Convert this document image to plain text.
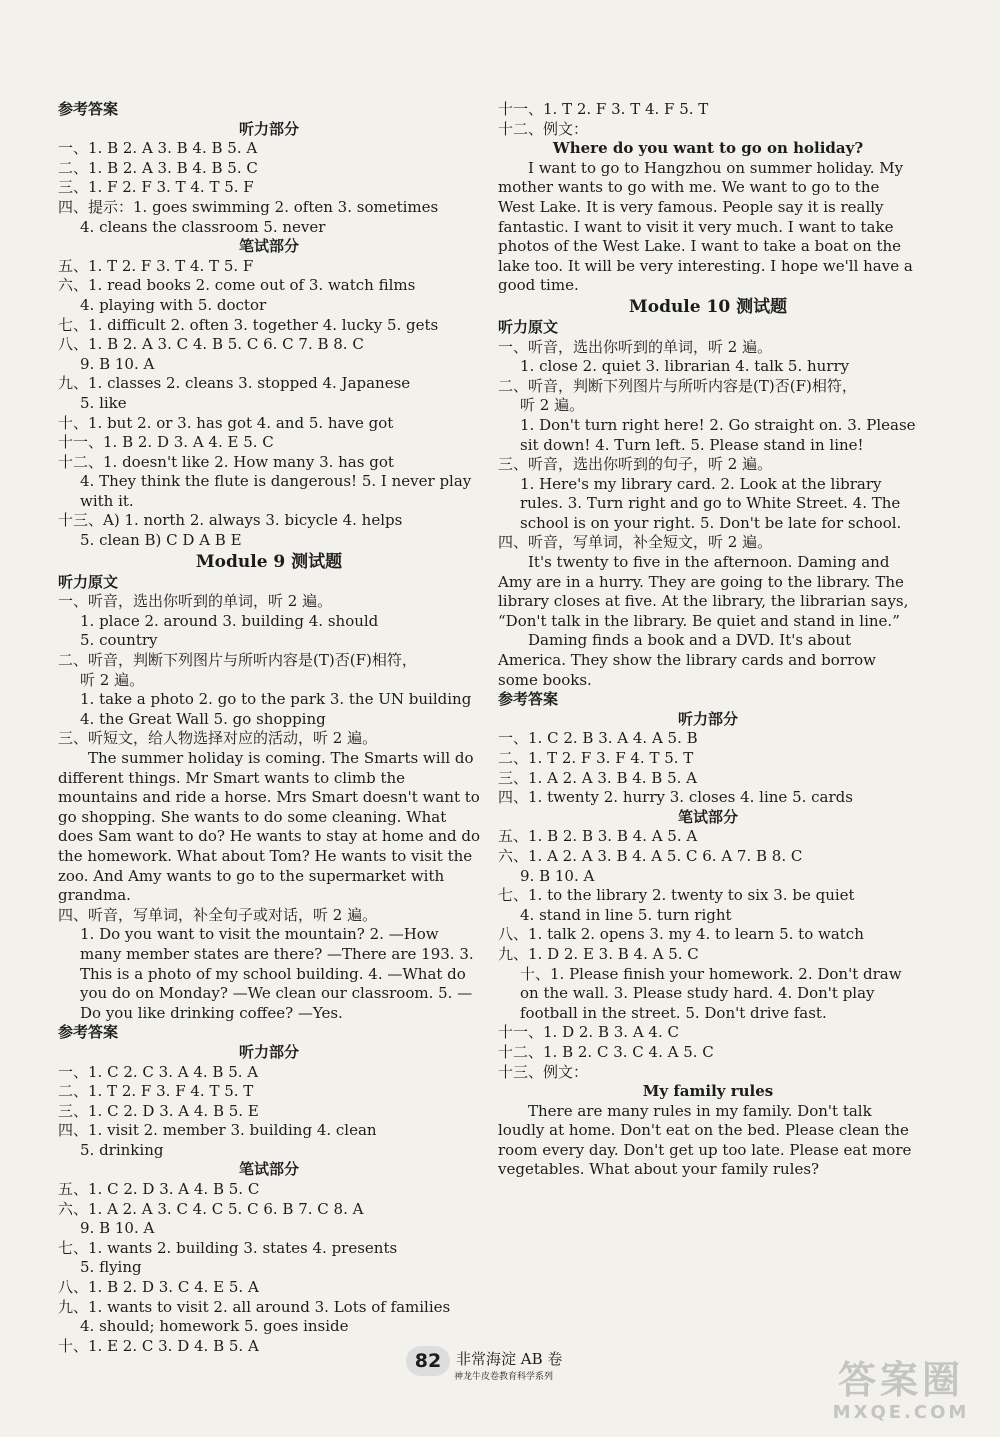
参考答案
听力部分
一、1. B 2. A 3. B 4. B 5. A
二、1. B 2. A 3. B 4. B 5. C
三、1. F 2. F 3. T 4. T 5. F
四、提示：1. goes swimming 2. often 3. sometimes
4. cleans the classroom 5. never
笔试部分
五、1. T 2. F 3. T 4. T 5. F
六、1. read books 2. come out of 3. watch films
4. playing with 5. doctor
七、1. difficult 2. often 3. together 4. lucky 5. gets
八、1. B 2. A 3. C 4. B 5. C 6. C 7. B 8. C
9. B 10. A
九、1. classes 2. cleans 3. stopped 4. Japanese
5. like
十、1. but 2. or 3. has got 4. and 5. have got
十一、1. B 2. D 3. A 4. E 5. C
十二、1. doesn't like 2. How many 3. has got
4. They think the flute is dangerous! 5. I never play with it.
十三、A) 1. north 2. always 3. bicycle 4. helps
5. clean B) C D A B E
Module 9 测试题
听力原文
一、听音，选出你听到的单词，听 2 遍。
1. place 2. around 3. building 4. should
5. country
二、听音，判断下列图片与所听内容是(T)否(F)相符，
听 2 遍。
1. take a photo 2. go to the park 3. the UN building
4. the Great Wall 5. go shopping
三、听短文，给人物选择对应的活动，听 2 遍。
The summer holiday is coming. The Smarts will do different things. Mr Smart wants to climb the mountains and ride a horse. Mrs Smart doesn't want to go shopping. She wants to do some cleaning. What does Sam want to do? He wants to stay at home and do the homework. What about Tom? He wants to visit the zoo. And Amy wants to go to the supermarket with grandma.
四、听音，写单词，补全句子或对话，听 2 遍。
1. Do you want to visit the mountain? 2. —How many member states are there? —There are 193. 3. This is a photo of my school building. 4. —What do you do on Monday? —We clean our classroom. 5. —Do you like drinking coffee? —Yes.
参考答案
听力部分
一、1. C 2. C 3. A 4. B 5. A
二、1. T 2. F 3. F 4. T 5. T
三、1. C 2. D 3. A 4. B 5. E
四、1. visit 2. member 3. building 4. clean
5. drinking
笔试部分
五、1. C 2. D 3. A 4. B 5. C
六、1. A 2. A 3. C 4. C 5. C 6. B 7. C 8. A
9. B 10. A
七、1. wants 2. building 3. states 4. presents
5. flying
八、1. B 2. D 3. C 4. E 5. A
九、1. wants to visit 2. all around 3. Lots of families
4. should; homework 5. goes inside
十、1. E 2. C 3. D 4. B 5. A
十一、1. T 2. F 3. T 4. F 5. T
十二、例文：
Where do you want to go on holiday?
I want to go to Hangzhou on summer holiday. My mother wants to go with me. We want to go to the West Lake. It is very famous. People say it is really fantastic. I want to visit it very much. I want to take photos of the West Lake. I want to take a boat on the lake too. It will be very interesting. I hope we'll have a good time.
Module 10 测试题
听力原文
一、听音，选出你听到的单词，听 2 遍。
1. close 2. quiet 3. librarian 4. talk 5. hurry
二、听音，判断下列图片与所听内容是(T)否(F)相符，
听 2 遍。
1. Don't turn right here! 2. Go straight on. 3. Please sit down! 4. Turn left. 5. Please stand in line!
三、听音，选出你听到的句子，听 2 遍。
1. Here's my library card. 2. Look at the library rules. 3. Turn right and go to White Street. 4. The school is on your right. 5. Don't be late for school.
四、听音，写单词，补全短文，听 2 遍。
It's twenty to five in the afternoon. Daming and Amy are in a hurry. They are going to the library. The library closes at five. At the library, the librarian says, “Don't talk in the library. Be quiet and stand in line.”
Daming finds a book and a DVD. It's about America. They show the library cards and borrow some books.
参考答案
听力部分
一、1. C 2. B 3. A 4. A 5. B
二、1. T 2. F 3. F 4. T 5. T
三、1. A 2. A 3. B 4. B 5. A
四、1. twenty 2. hurry 3. closes 4. line 5. cards
笔试部分
五、1. B 2. B 3. B 4. A 5. A
六、1. A 2. A 3. B 4. A 5. C 6. A 7. B 8. C
9. B 10. A
七、1. to the library 2. twenty to six 3. be quiet
4. stand in line 5. turn right
八、1. talk 2. opens 3. my 4. to learn 5. to watch
九、1. D 2. E 3. B 4. A 5. C
十、1. Please finish your homework. 2. Don't draw on the wall. 3. Please study hard. 4. Don't play football in the street. 5. Don't drive fast.
十一、1. D 2. B 3. A 4. C
十二、1. B 2. C 3. C 4. A 5. C
十三、例文：
My family rules
There are many rules in my family. Don't talk loudly at home. Don't eat on the bed. Please clean the room every day. Don't get up too late. Please eat more vegetables. What about your family rules?
82 非常海淀 AB 卷
神龙牛皮卷教育科学系列	答案圈
MXQE.COM
